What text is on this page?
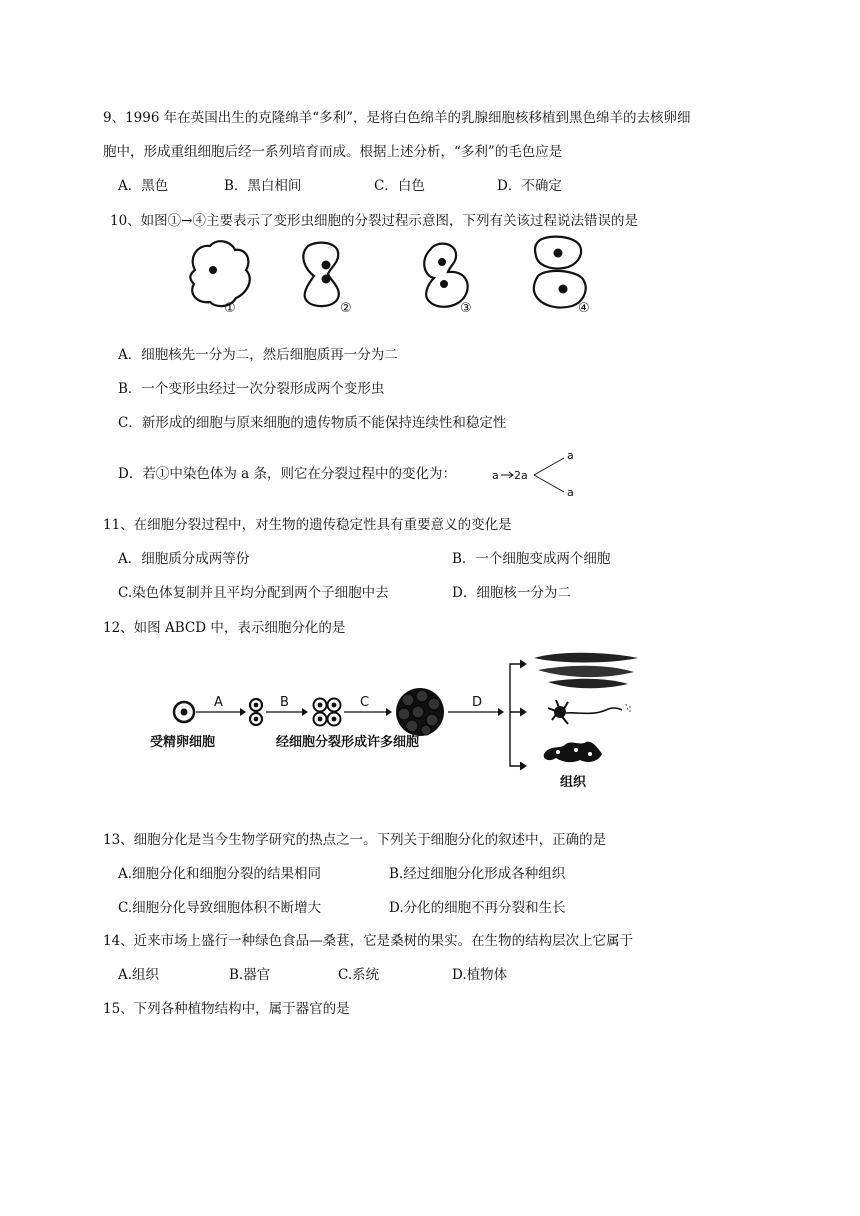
9、1996 年在英国出生的克隆绵羊“多利”，是将白色绵羊的乳腺细胞核移植到黑色绵羊的去核卵细
胞中，形成重组细胞后经一系列培育而成。根据上述分析，“多利”的毛色应是
A．黑色	B．黑白相间	C．白色	D．不确定
10、如图①→④主要表示了变形虫细胞的分裂过程示意图，下列有关该过程说法错误的是
①	②	③	④
A．细胞核先一分为二，然后细胞质再一分为二
B．一个变形虫经过一次分裂形成两个变形虫
C．新形成的细胞与原来细胞的遗传物质不能保持连续性和稳定性
D．若①中染色体为 a 条，则它在分裂过程中的变化为：	a 2a
a
a
11、在细胞分裂过程中，对生物的遗传稳定性具有重要意义的变化是
A．细胞质分成两等份	B．一个细胞变成两个细胞
C.染色体复制并且平均分配到两个子细胞中去	D．细胞核一分为二
12、如图 ABCD 中，表示细胞分化的是
受精卵细胞
A	B	C
经细胞分裂形成许多细胞
D
组织
13、细胞分化是当今生物学研究的热点之一。下列关于细胞分化的叙述中，正确的是
A.细胞分化和细胞分裂的结果相同	B.经过细胞分化形成各种组织
C.细胞分化导致细胞体积不断增大	D.分化的细胞不再分裂和生长
14、近来市场上盛行一种绿色食品—桑葚，它是桑树的果实。在生物的结构层次上它属于
A.组织	B.器官	C.系统	D.植物体
15、下列各种植物结构中，属于器官的是
